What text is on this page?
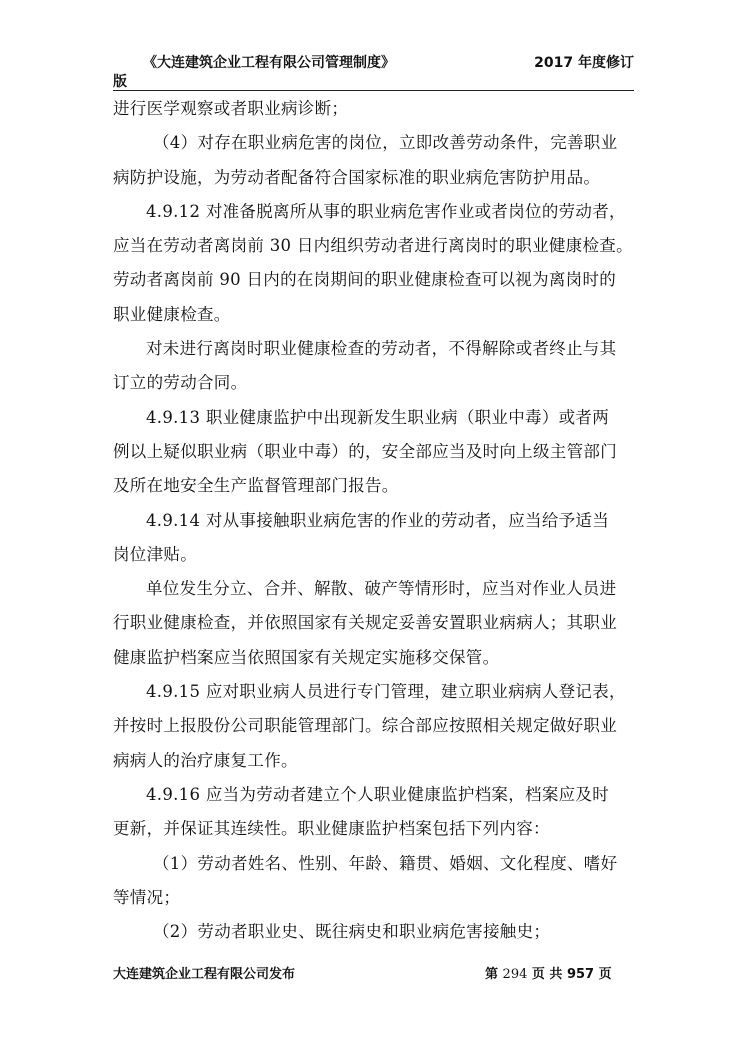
《大连建筑企业工程有限公司管理制度》	2017 年度修订
版
进行医学观察或者职业病诊断；
（4）对存在职业病危害的岗位，立即改善劳动条件，完善职业
病防护设施，为劳动者配备符合国家标准的职业病危害防护用品。
4.9.12 对准备脱离所从事的职业病危害作业或者岗位的劳动者，
应当在劳动者离岗前 30 日内组织劳动者进行离岗时的职业健康检查。
劳动者离岗前 90 日内的在岗期间的职业健康检查可以视为离岗时的
职业健康检查。
对未进行离岗时职业健康检查的劳动者，不得解除或者终止与其
订立的劳动合同。
4.9.13 职业健康监护中出现新发生职业病（职业中毒）或者两
例以上疑似职业病（职业中毒）的，安全部应当及时向上级主管部门
及所在地安全生产监督管理部门报告。
4.9.14 对从事接触职业病危害的作业的劳动者，应当给予适当
岗位津贴。
单位发生分立、合并、解散、破产等情形时，应当对作业人员进
行职业健康检查，并依照国家有关规定妥善安置职业病病人；其职业
健康监护档案应当依照国家有关规定实施移交保管。
4.9.15 应对职业病人员进行专门管理，建立职业病病人登记表，
并按时上报股份公司职能管理部门。综合部应按照相关规定做好职业
病病人的治疗康复工作。
4.9.16 应当为劳动者建立个人职业健康监护档案，档案应及时
更新，并保证其连续性。职业健康监护档案包括下列内容：
（1）劳动者姓名、性别、年龄、籍贯、婚姻、文化程度、嗜好
等情况；
（2）劳动者职业史、既往病史和职业病危害接触史；
大连建筑企业工程有限公司发布	第 294 页 共 957 页
